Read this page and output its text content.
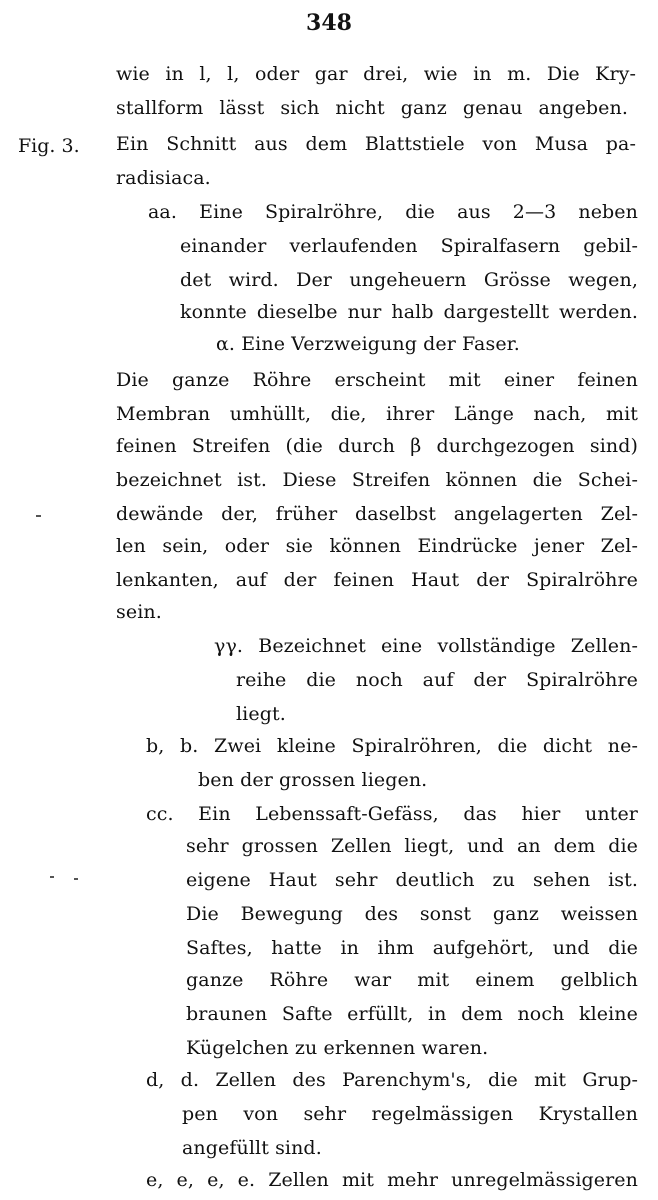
348
Fig. 3.

wie in l, l, oder gar drei, wie in m. Die Kry-

stallform lässt sich nicht ganz genau angeben.

Ein Schnitt aus dem Blattstiele von Musa pa-

radisiaca.

aa. Eine Spiralröhre, die aus 2—3 neben

einander verlaufenden Spiralfasern gebil-

det wird. Der ungeheuern Grösse wegen,

konnte dieselbe nur halb dargestellt werden.

α. Eine Verzweigung der Faser.

Die ganze Röhre erscheint mit einer feinen

Membran umhüllt, die, ihrer Länge nach, mit

feinen Streifen (die durch β durchgezogen sind)

bezeichnet ist. Diese Streifen können die Schei-

dewände der, früher daselbst angelagerten Zel-

len sein, oder sie können Eindrücke jener Zel-

lenkanten, auf der feinen Haut der Spiralröhre

sein.

γγ. Bezeichnet eine vollständige Zellen-

reihe die noch auf der Spiralröhre

liegt.

b, b. Zwei kleine Spiralröhren, die dicht ne-

ben der grossen liegen.

cc. Ein Lebenssaft-Gefäss, das hier unter

sehr grossen Zellen liegt, und an dem die

eigene Haut sehr deutlich zu sehen ist.

Die Bewegung des sonst ganz weissen

Saftes, hatte in ihm aufgehört, und die

ganze Röhre war mit einem gelblich

braunen Safte erfüllt, in dem noch kleine

Kügelchen zu erkennen waren.

d, d. Zellen des Parenchym's, die mit Grup-

pen von sehr regelmässigen Krystallen

angefüllt sind.

e, e, e, e. Zellen mit mehr unregelmässigeren
